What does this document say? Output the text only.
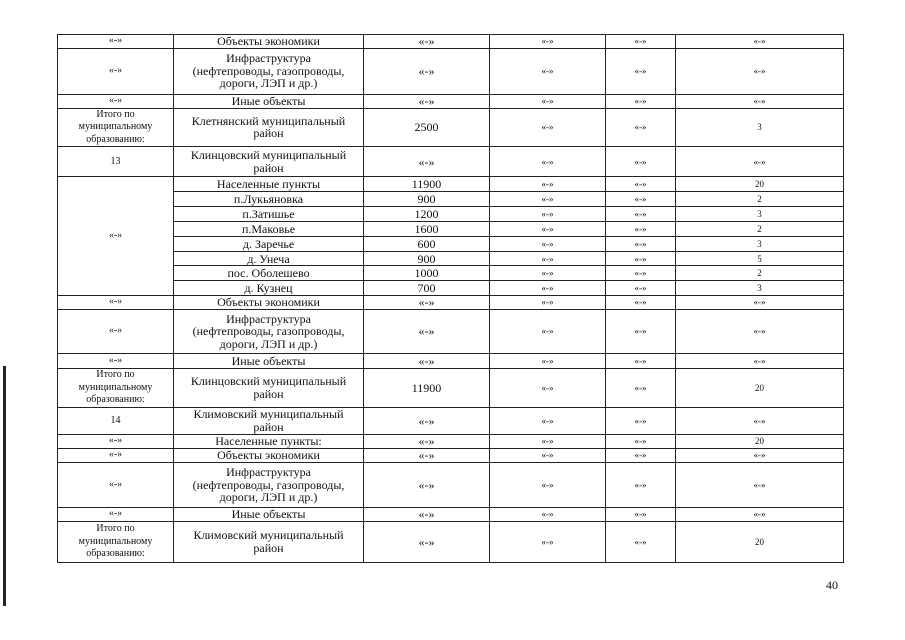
«-»	Объекты экономики	«-»	«-»	«-»	«-»
«-»	Инфраструктура
(нефтепроводы, газопроводы,
дороги, ЛЭП и др.)	«-»	«-»	«-»	«-»
«-»	Иные объекты	«-»	«-»	«-»	«-»
Итого по
муниципальному
образованию:	Клетнянский муниципальный
район	2500	«-»	«-»	3
13	Клинцовский муниципальный
район	«-»	«-»	«-»	«-»
«-»	Населенные пункты	11900	«-»	«-»	20
	п.Лукьяновка	900	«-»	«-»	2
	п.Затишье	1200	«-»	«-»	3
	п.Маковье	1600	«-»	«-»	2
	д. Заречье	600	«-»	«-»	3
	д. Унеча	900	«-»	«-»	5
	пос. Оболешево	1000	«-»	«-»	2
	д. Кузнец	700	«-»	«-»	3
«-»	Объекты экономики	«-»	«-»	«-»	«-»
«-»	Инфраструктура
(нефтепроводы, газопроводы,
дороги, ЛЭП и др.)	«-»	«-»	«-»	«-»
«-»	Иные объекты	«-»	«-»	«-»	«-»
Итого по
муниципальному
образованию:	Клинцовский муниципальный
район	11900	«-»	«-»	20
14	Климовский муниципальный
район	«-»	«-»	«-»	«-»
«-»	Населенные пункты:	«-»	«-»	«-»	20
«-»	Объекты экономики	«-»	«-»	«-»	«-»
«-»	Инфраструктура
(нефтепроводы, газопроводы,
дороги, ЛЭП и др.)	«-»	«-»	«-»	«-»
«-»	Иные объекты	«-»	«-»	«-»	«-»
Итого по
муниципальному
образованию:	Климовский муниципальный
район	«-»	«-»	«-»	20
40
